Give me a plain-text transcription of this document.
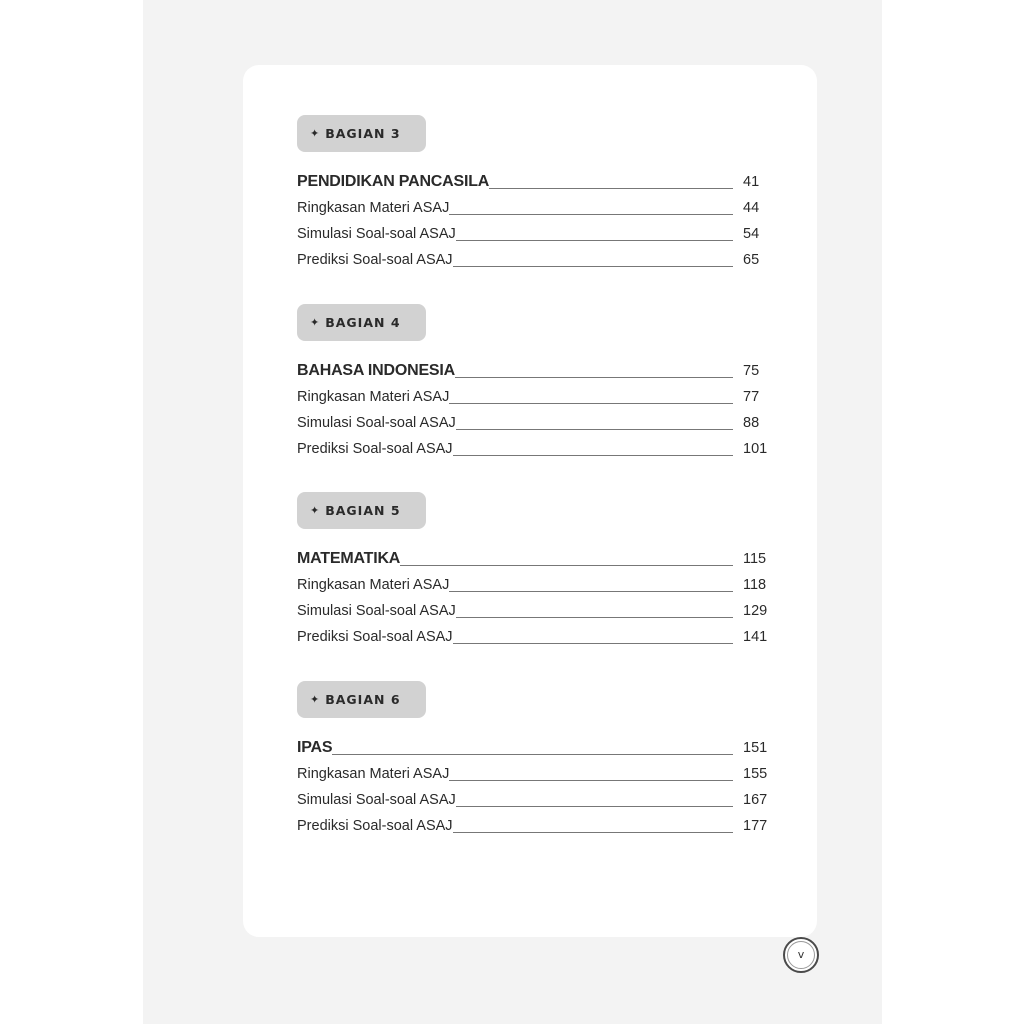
✦ BAGIAN 3
PENDIDIKAN PANCASILA	41
Ringkasan Materi ASAJ	44
Simulasi Soal-soal ASAJ	54
Prediksi Soal-soal ASAJ	65
✦ BAGIAN 4
BAHASA INDONESIA	75
Ringkasan Materi ASAJ	77
Simulasi Soal-soal ASAJ	88
Prediksi Soal-soal ASAJ	101
✦ BAGIAN 5
MATEMATIKA	115
Ringkasan Materi ASAJ	118
Simulasi Soal-soal ASAJ	129
Prediksi Soal-soal ASAJ	141
✦ BAGIAN 6
IPAS	151
Ringkasan Materi ASAJ	155
Simulasi Soal-soal ASAJ	167
Prediksi Soal-soal ASAJ	177
v
